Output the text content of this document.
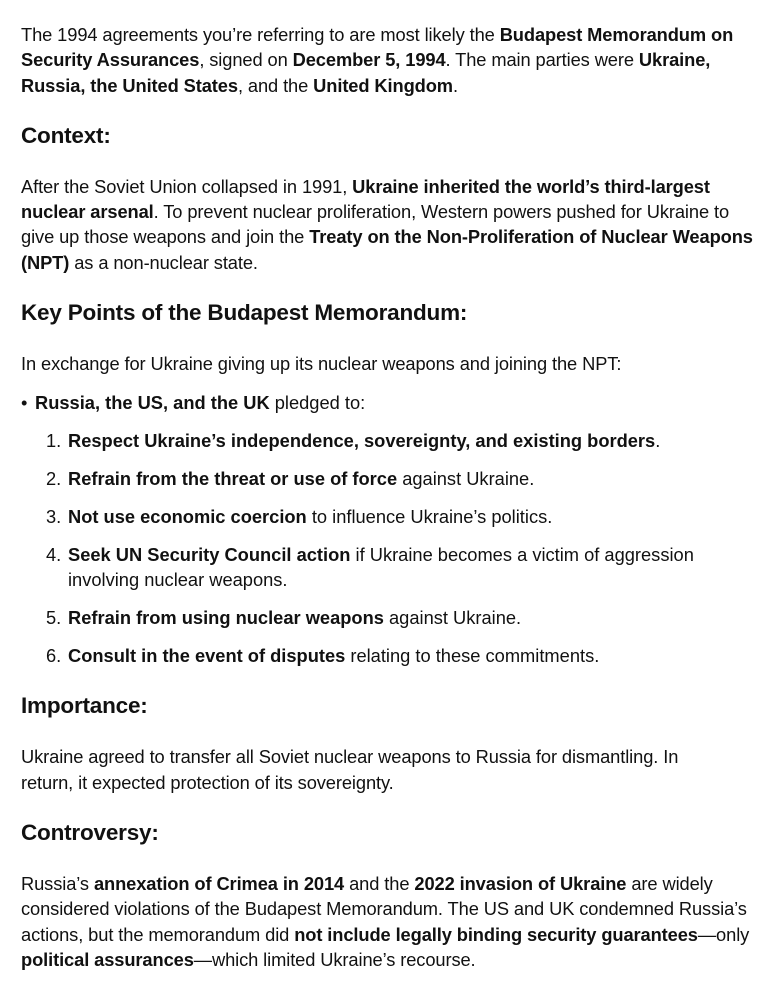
The 1994 agreements you’re referring to are most likely the Budapest Memorandum on Security Assurances, signed on December 5, 1994. The main parties were Ukraine, Russia, the United States, and the United Kingdom.

Context:

After the Soviet Union collapsed in 1991, Ukraine inherited the world’s third-largest nuclear arsenal. To prevent nuclear proliferation, Western powers pushed for Ukraine to give up those weapons and join the Treaty on the Non-Proliferation of Nuclear Weapons (NPT) as a non-nuclear state.

Key Points of the Budapest Memorandum:

In exchange for Ukraine giving up its nuclear weapons and joining the NPT:

• Russia, the US, and the UK pledged to:
1. Respect Ukraine’s independence, sovereignty, and existing borders.
2. Refrain from the threat or use of force against Ukraine.
3. Not use economic coercion to influence Ukraine’s politics.
4. Seek UN Security Council action if Ukraine becomes a victim of aggression involving nuclear weapons.
5. Refrain from using nuclear weapons against Ukraine.
6. Consult in the event of disputes relating to these commitments.
Importance:

Ukraine agreed to transfer all Soviet nuclear weapons to Russia for dismantling. In return, it expected protection of its sovereignty.

Controversy:

Russia’s annexation of Crimea in 2014 and the 2022 invasion of Ukraine are widely considered violations of the Budapest Memorandum. The US and UK condemned Russia’s actions, but the memorandum did not include legally binding security guarantees—only political assurances—which limited Ukraine’s recourse.
